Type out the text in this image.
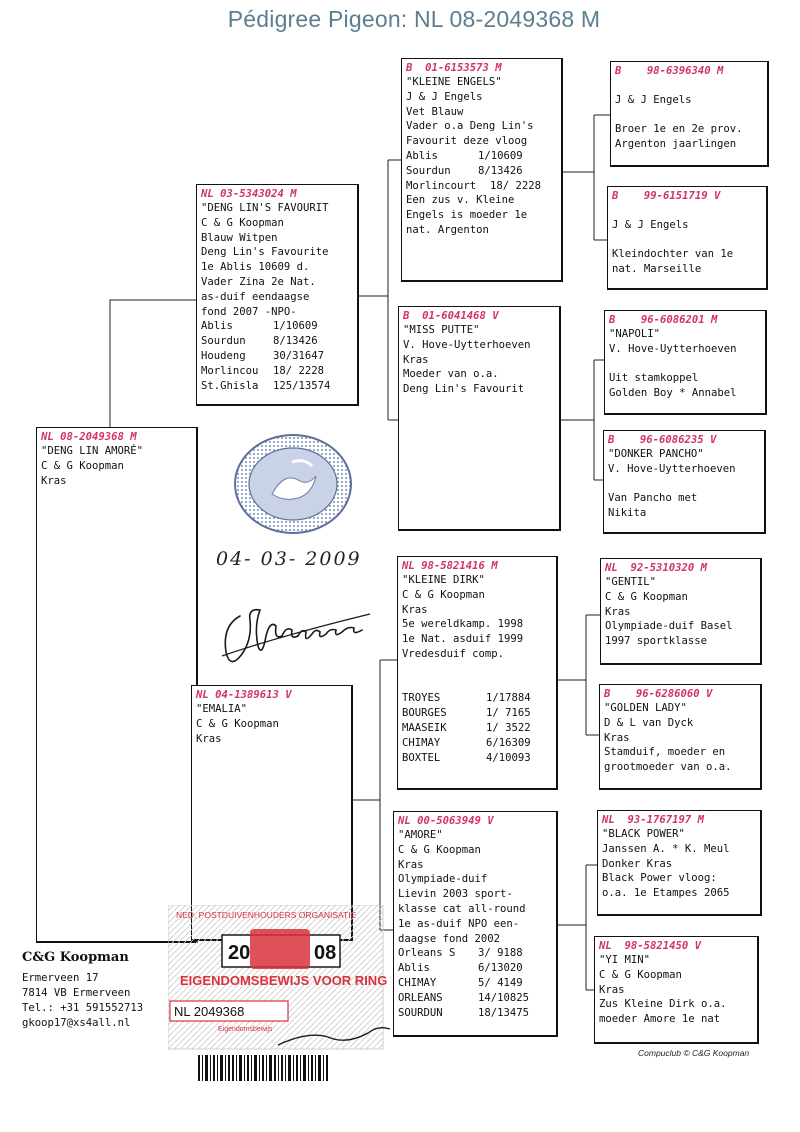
Pédigree Pigeon: NL 08-2049368 M
NL 08-2049368 M
"DENG LIN AMORÉ"
C & G Koopman
Kras
NL 03-5343024 M
"DENG LIN'S FAVOURIT
C & G Koopman
Blauw Witpen
Deng Lin's Favourite
1e Ablis 10609 d.
Vader Zina 2e Nat.
as-duif eendaagse
fond 2007 -NPO-
Ablis	1/10609
Sourdun	8/13426
Houdeng	30/31647
Morlincou	18/ 2228
St.Ghisla	125/13574
NL 04-1389613 V
"EMALIA"
C & G Koopman
Kras
B  01-6153573 M
"KLEINE ENGELS"
J & J Engels
Vet Blauw
Vader o.a Deng Lin's
Favourit deze vloog
Ablis	1/10609
Sourdun	8/13426
Morlincourt	18/ 2228
Een zus v. Kleine
Engels is moeder 1e
nat. Argenton
B  01-6041468 V
"MISS PUTTE"
V. Hove-Uytterhoeven
Kras
Moeder van o.a.
Deng Lin's Favourit
NL 98-5821416 M
"KLEINE DIRK"
C & G Koopman
Kras
5e wereldkamp. 1998
1e Nat. asduif 1999
Vredesduif comp.
TROYES	1/17884
BOURGES	1/ 7165
MAASEIK	1/ 3522
CHIMAY	6/16309
BOXTEL	4/10093
NL 00-5063949 V
"AMORE"
C & G Koopman
Kras
Olympiade-duif
Lievin 2003 sport-
klasse cat all-round
1e as-duif NPO een-
daagse fond 2002
Orleans S	3/ 9188
Ablis	6/13020
CHIMAY	5/ 4149
ORLEANS	14/10825
SOURDUN	18/13475
B    98-6396340 M
J & J Engels
Broer 1e en 2e prov.
Argenton jaarlingen
B    99-6151719 V
J & J Engels
Kleindochter van 1e
nat. Marseille
B    96-6086201 M
"NAPOLI"
V. Hove-Uytterhoeven
Uit stamkoppel
Golden Boy * Annabel
B    96-6086235 V
"DONKER PANCHO"
V. Hove-Uytterhoeven
Van Pancho met
Nikita
NL  92-5310320 M
"GENTIL"
C & G Koopman
Kras
Olympiade-duif Basel
1997 sportklasse
B    96-6286060 V
"GOLDEN LADY"
D & L van Dyck
Kras
Stamduif, moeder en
grootmoeder van o.a.
NL  93-1767197 M
"BLACK POWER"
Janssen A. * K. Meul
Donker Kras
Black Power vloog:
o.a. 1e Etampes 2065
NL  98-5821450 V
"YI MIN"
C & G Koopman
Kras
Zus Kleine Dirk o.a.
moeder Amore 1e nat
04- 03- 2009
C&G Koopman
Ermerveen 17
7814 VB Ermerveen
Tel.: +31 591552713
gkoop17@xs4all.nl
NED. POSTDUIVENHOUDERS ORGANISATIE
20	08
EIGENDOMSBEWIJS VOOR RING
NL 2049368
Eigendomsbewijs
Compuclub © C&G Koopman
